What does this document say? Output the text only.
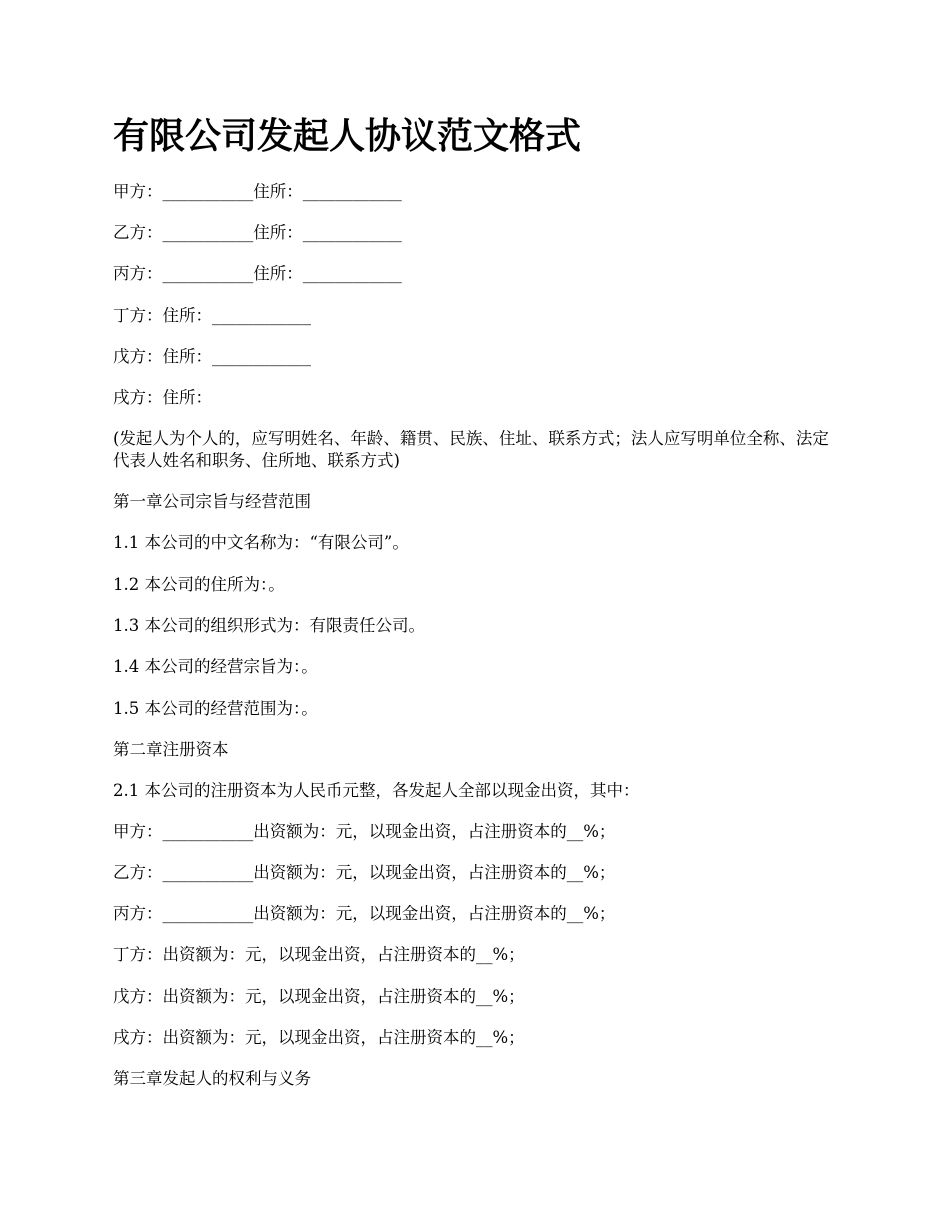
有限公司发起人协议范文格式

甲方：___________住所：____________

乙方：___________住所：____________

丙方：___________住所：____________

丁方：住所：____________

戊方：住所：____________

戌方：住所：

(发起人为个人的，应写明姓名、年龄、籍贯、民族、住址、联系方式；法人应写明单位全称、法定代表人姓名和职务、住所地、联系方式)

第一章公司宗旨与经营范围

1.1 本公司的中文名称为：“有限公司”。

1.2 本公司的住所为：。

1.3 本公司的组织形式为：有限责任公司。

1.4 本公司的经营宗旨为：。

1.5 本公司的经营范围为：。

第二章注册资本

2.1 本公司的注册资本为人民币元整，各发起人全部以现金出资，其中：

甲方：___________出资额为：元，以现金出资，占注册资本的__%；

乙方：___________出资额为：元，以现金出资，占注册资本的__%；

丙方：___________出资额为：元，以现金出资，占注册资本的__%；

丁方：出资额为：元，以现金出资，占注册资本的__%；

戊方：出资额为：元，以现金出资，占注册资本的__%；

戌方：出资额为：元，以现金出资，占注册资本的__%；

第三章发起人的权利与义务
